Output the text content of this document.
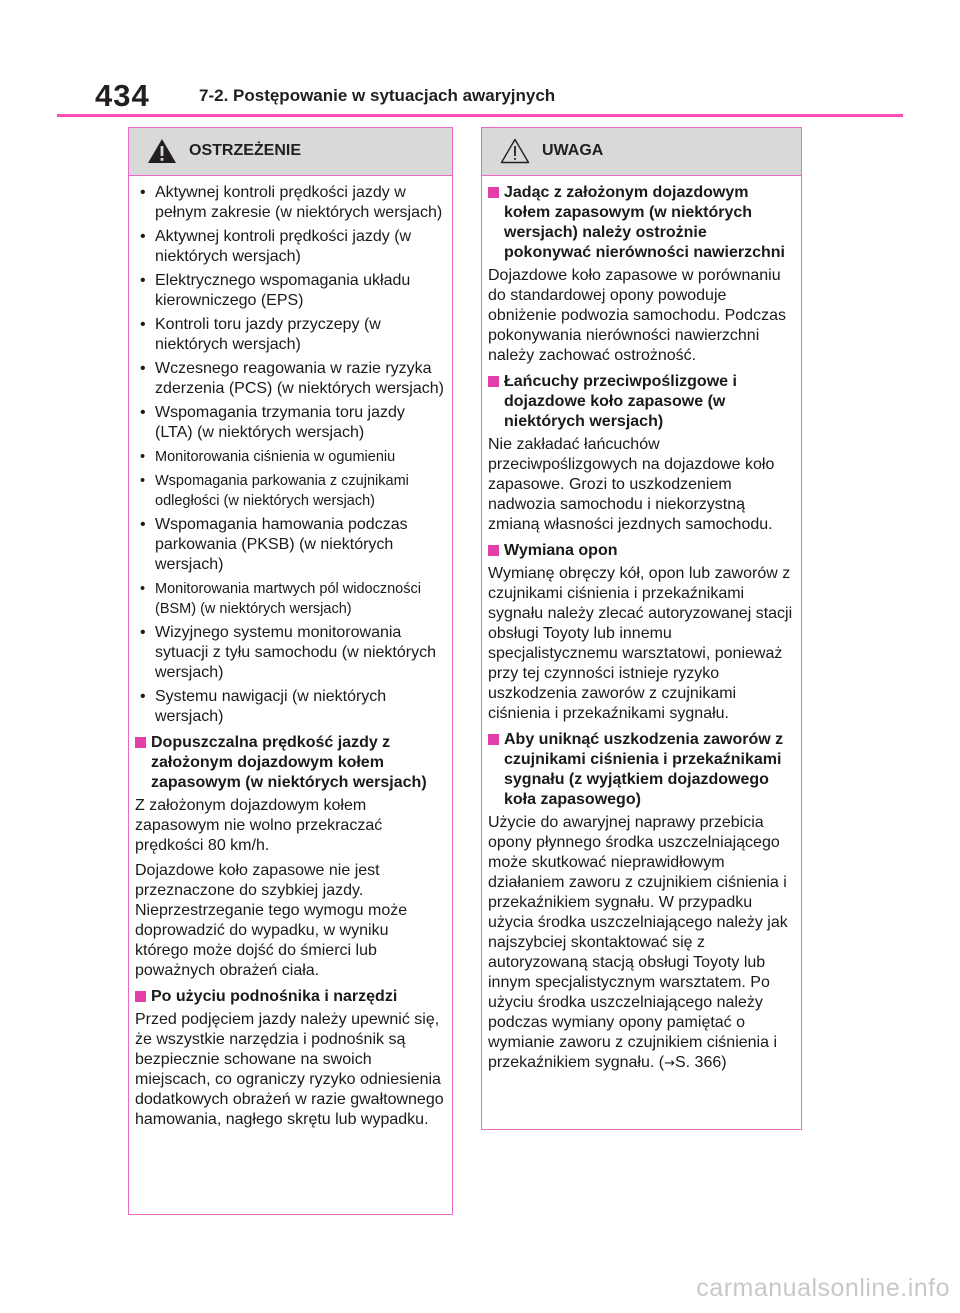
434	7-2. Postępowanie w sytuacjach awaryjnych
OSTRZEŻENIE
• Aktywnej kontroli prędkości jazdy w pełnym zakresie (w niektórych wersjach)
• Aktywnej kontroli prędkości jazdy (w niektórych wersjach)
• Elektrycznego wspomagania układu kierowniczego (EPS)
• Kontroli toru jazdy przyczepy (w niektórych wersjach)
• Wczesnego reagowania w razie ryzyka zderzenia (PCS) (w niektórych wersjach)
• Wspomagania trzymania toru jazdy (LTA) (w niektórych wersjach)
• Monitorowania ciśnienia w ogumieniu
• Wspomagania parkowania z czujnikami odległości (w niektórych wersjach)
• Wspomagania hamowania podczas parkowania (PKSB) (w niektórych wersjach)
• Monitorowania martwych pól widoczności (BSM) (w niektórych wersjach)
• Wizyjnego systemu monitorowania sytuacji z tyłu samochodu (w niektórych wersjach)
• Systemu nawigacji (w niektórych wersjach)
Dopuszczalna prędkość jazdy z założonym dojazdowym kołem zapasowym (w niektórych wersjach)
Z założonym dojazdowym kołem zapasowym nie wolno przekraczać prędkości 80 km/h.
Dojazdowe koło zapasowe nie jest przeznaczone do szybkiej jazdy. Nieprzestrzeganie tego wymogu może doprowadzić do wypadku, w wyniku którego może dojść do śmierci lub poważnych obrażeń ciała.
Po użyciu podnośnika i narzędzi
Przed podjęciem jazdy należy upewnić się, że wszystkie narzędzia i podnośnik są bezpiecznie schowane na swoich miejscach, co ograniczy ryzyko odniesienia dodatkowych obrażeń w razie gwałtownego hamowania, nagłego skrętu lub wypadku.
UWAGA
Jadąc z założonym dojazdowym kołem zapasowym (w niektórych wersjach) należy ostrożnie pokonywać nierówności nawierzchni
Dojazdowe koło zapasowe w porównaniu do standardowej opony powoduje obniżenie podwozia samochodu. Podczas pokonywania nierówności nawierzchni należy zachować ostrożność.
Łańcuchy przeciwpoślizgowe i dojazdowe koło zapasowe (w niektórych wersjach)
Nie zakładać łańcuchów przeciwpoślizgowych na dojazdowe koło zapasowe. Grozi to uszkodzeniem nadwozia samochodu i niekorzystną zmianą własności jezdnych samochodu.
Wymiana opon
Wymianę obręczy kół, opon lub zaworów z czujnikami ciśnienia i przekaźnikami sygnału należy zlecać autoryzowanej stacji obsługi Toyoty lub innemu specjalistycznemu warsztatowi, ponieważ przy tej czynności istnieje ryzyko uszkodzenia zaworów z czujnikami ciśnienia i przekaźnikami sygnału.
Aby uniknąć uszkodzenia zaworów z czujnikami ciśnienia i przekaźnikami sygnału (z wyjątkiem dojazdowego koła zapasowego)
Użycie do awaryjnej naprawy przebicia opony płynnego środka uszczelniającego może skutkować nieprawidłowym działaniem zaworu z czujnikiem ciśnienia i przekaźnikiem sygnału. W przypadku użycia środka uszczelniającego należy jak najszybciej skontaktować się z autoryzowaną stacją obsługi Toyoty lub innym specjalistycznym warsztatem. Po użyciu środka uszczelniającego należy podczas wymiany opony pamiętać o wymianie zaworu z czujnikiem ciśnienia i przekaźnikiem sygnału. (→S. 366)
carmanualsonline.info
